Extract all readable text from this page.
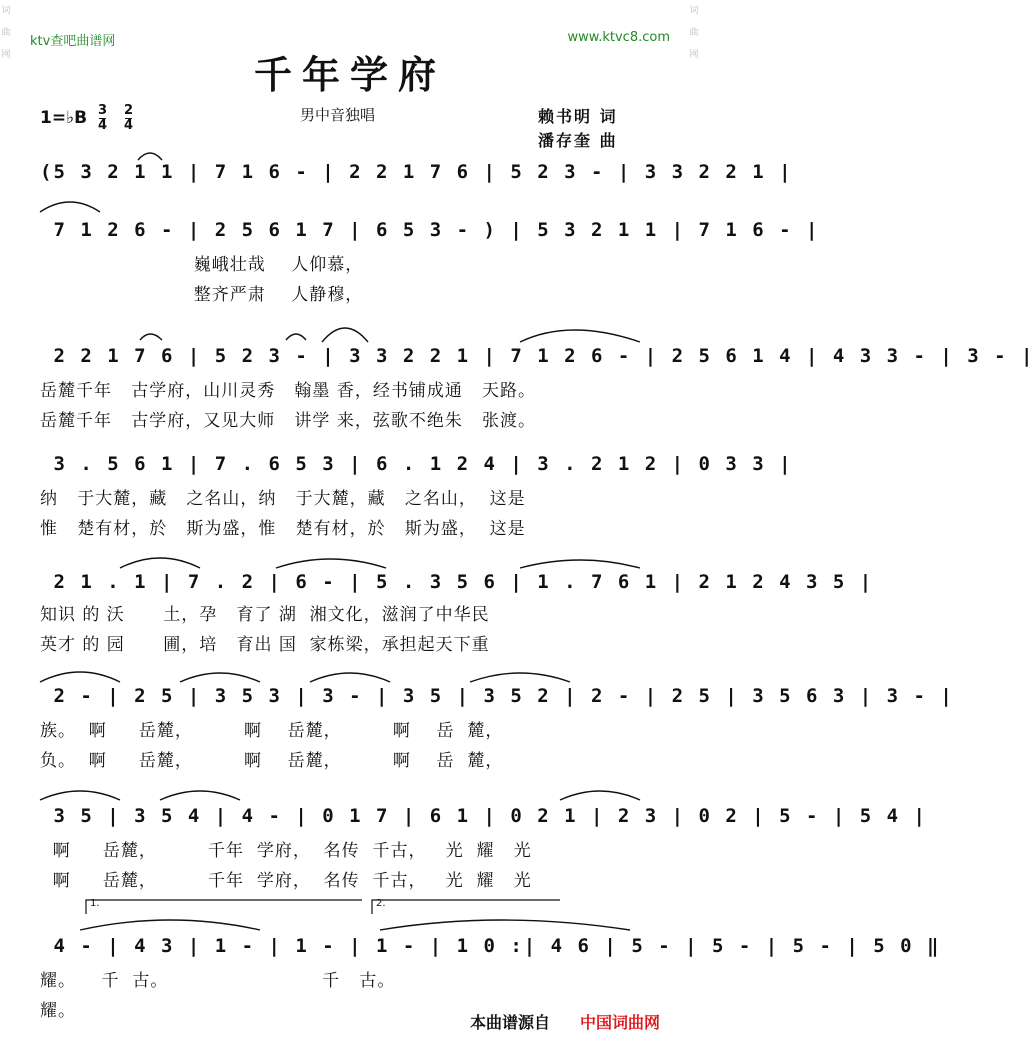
词
曲
网
词
曲
网
ktv查吧曲谱网	www.ktvc8.com
千年学府
1=♭B 3
4
2
4
男中音独唱	赖书明 词
潘存奎 曲
(5 3 2 1 1 | 7 1 6 - | 2 2 1 7 6 | 5 2 3 - | 3 3 2 2 1 |
7 1 2 6 - | 2 5 6 1 7 | 6 5 3 - ) | 5 3 2 1 1 | 7 1 6 - |
巍峨壮哉    人仰慕，
整齐严肃    人静穆，
2 2 1 7 6 | 5 2 3 - | 3 3 2 2 1 | 7 1 2 6 - | 2 5 6 1 4 | 4 3 3 - | 3 - |
岳麓千年   古学府，山川灵秀   翰墨 香，经书铺成通   天路。
岳麓千年   古学府，又见大师   讲学 来，弦歌不绝朱   张渡。
3 . 5 6 1 | 7 . 6 5 3 | 6 . 1 2 4 | 3 . 2 1 2 | 0 3 3 |
纳   于大麓，藏   之名山，纳   于大麓，藏   之名山，  这是
惟   楚有材，於   斯为盛，惟   楚有材，於   斯为盛，  这是
2 1 . 1 | 7 . 2 | 6 - | 5 . 3 5 6 | 1 . 7 6 1 | 2 1 2 4 3 5 |
知识 的 沃      土，孕   育了 湖  湘文化，滋润了中华民
英才 的 园      圃，培   育出 国  家栋梁，承担起天下重
2 - | 2 5 | 3 5 3 | 3 - | 3 5 | 3 5 2 | 2 - | 2 5 | 3 5 6 3 | 3 - |
族。  啊     岳麓，        啊    岳麓，        啊    岳  麓，
负。  啊     岳麓，        啊    岳麓，        啊    岳  麓，
3 5 | 3 5 4 | 4 - | 0 1 7 | 6 1 | 0 2 1 | 2 3 | 0 2 | 5 - | 5 4 |
啊     岳麓，        千年  学府，  名传  千古，   光  耀   光
啊     岳麓，        千年  学府，  名传  千古，   光  耀   光
4 - | 4 3 | 1 - | 1 - | 1 - | 1 0 :| 4 6 | 5 - | 5 - | 5 - | 5 0 ‖
耀。    千  古。                        千   古。
耀。
1.	2.
本曲谱源自 中国词曲网
